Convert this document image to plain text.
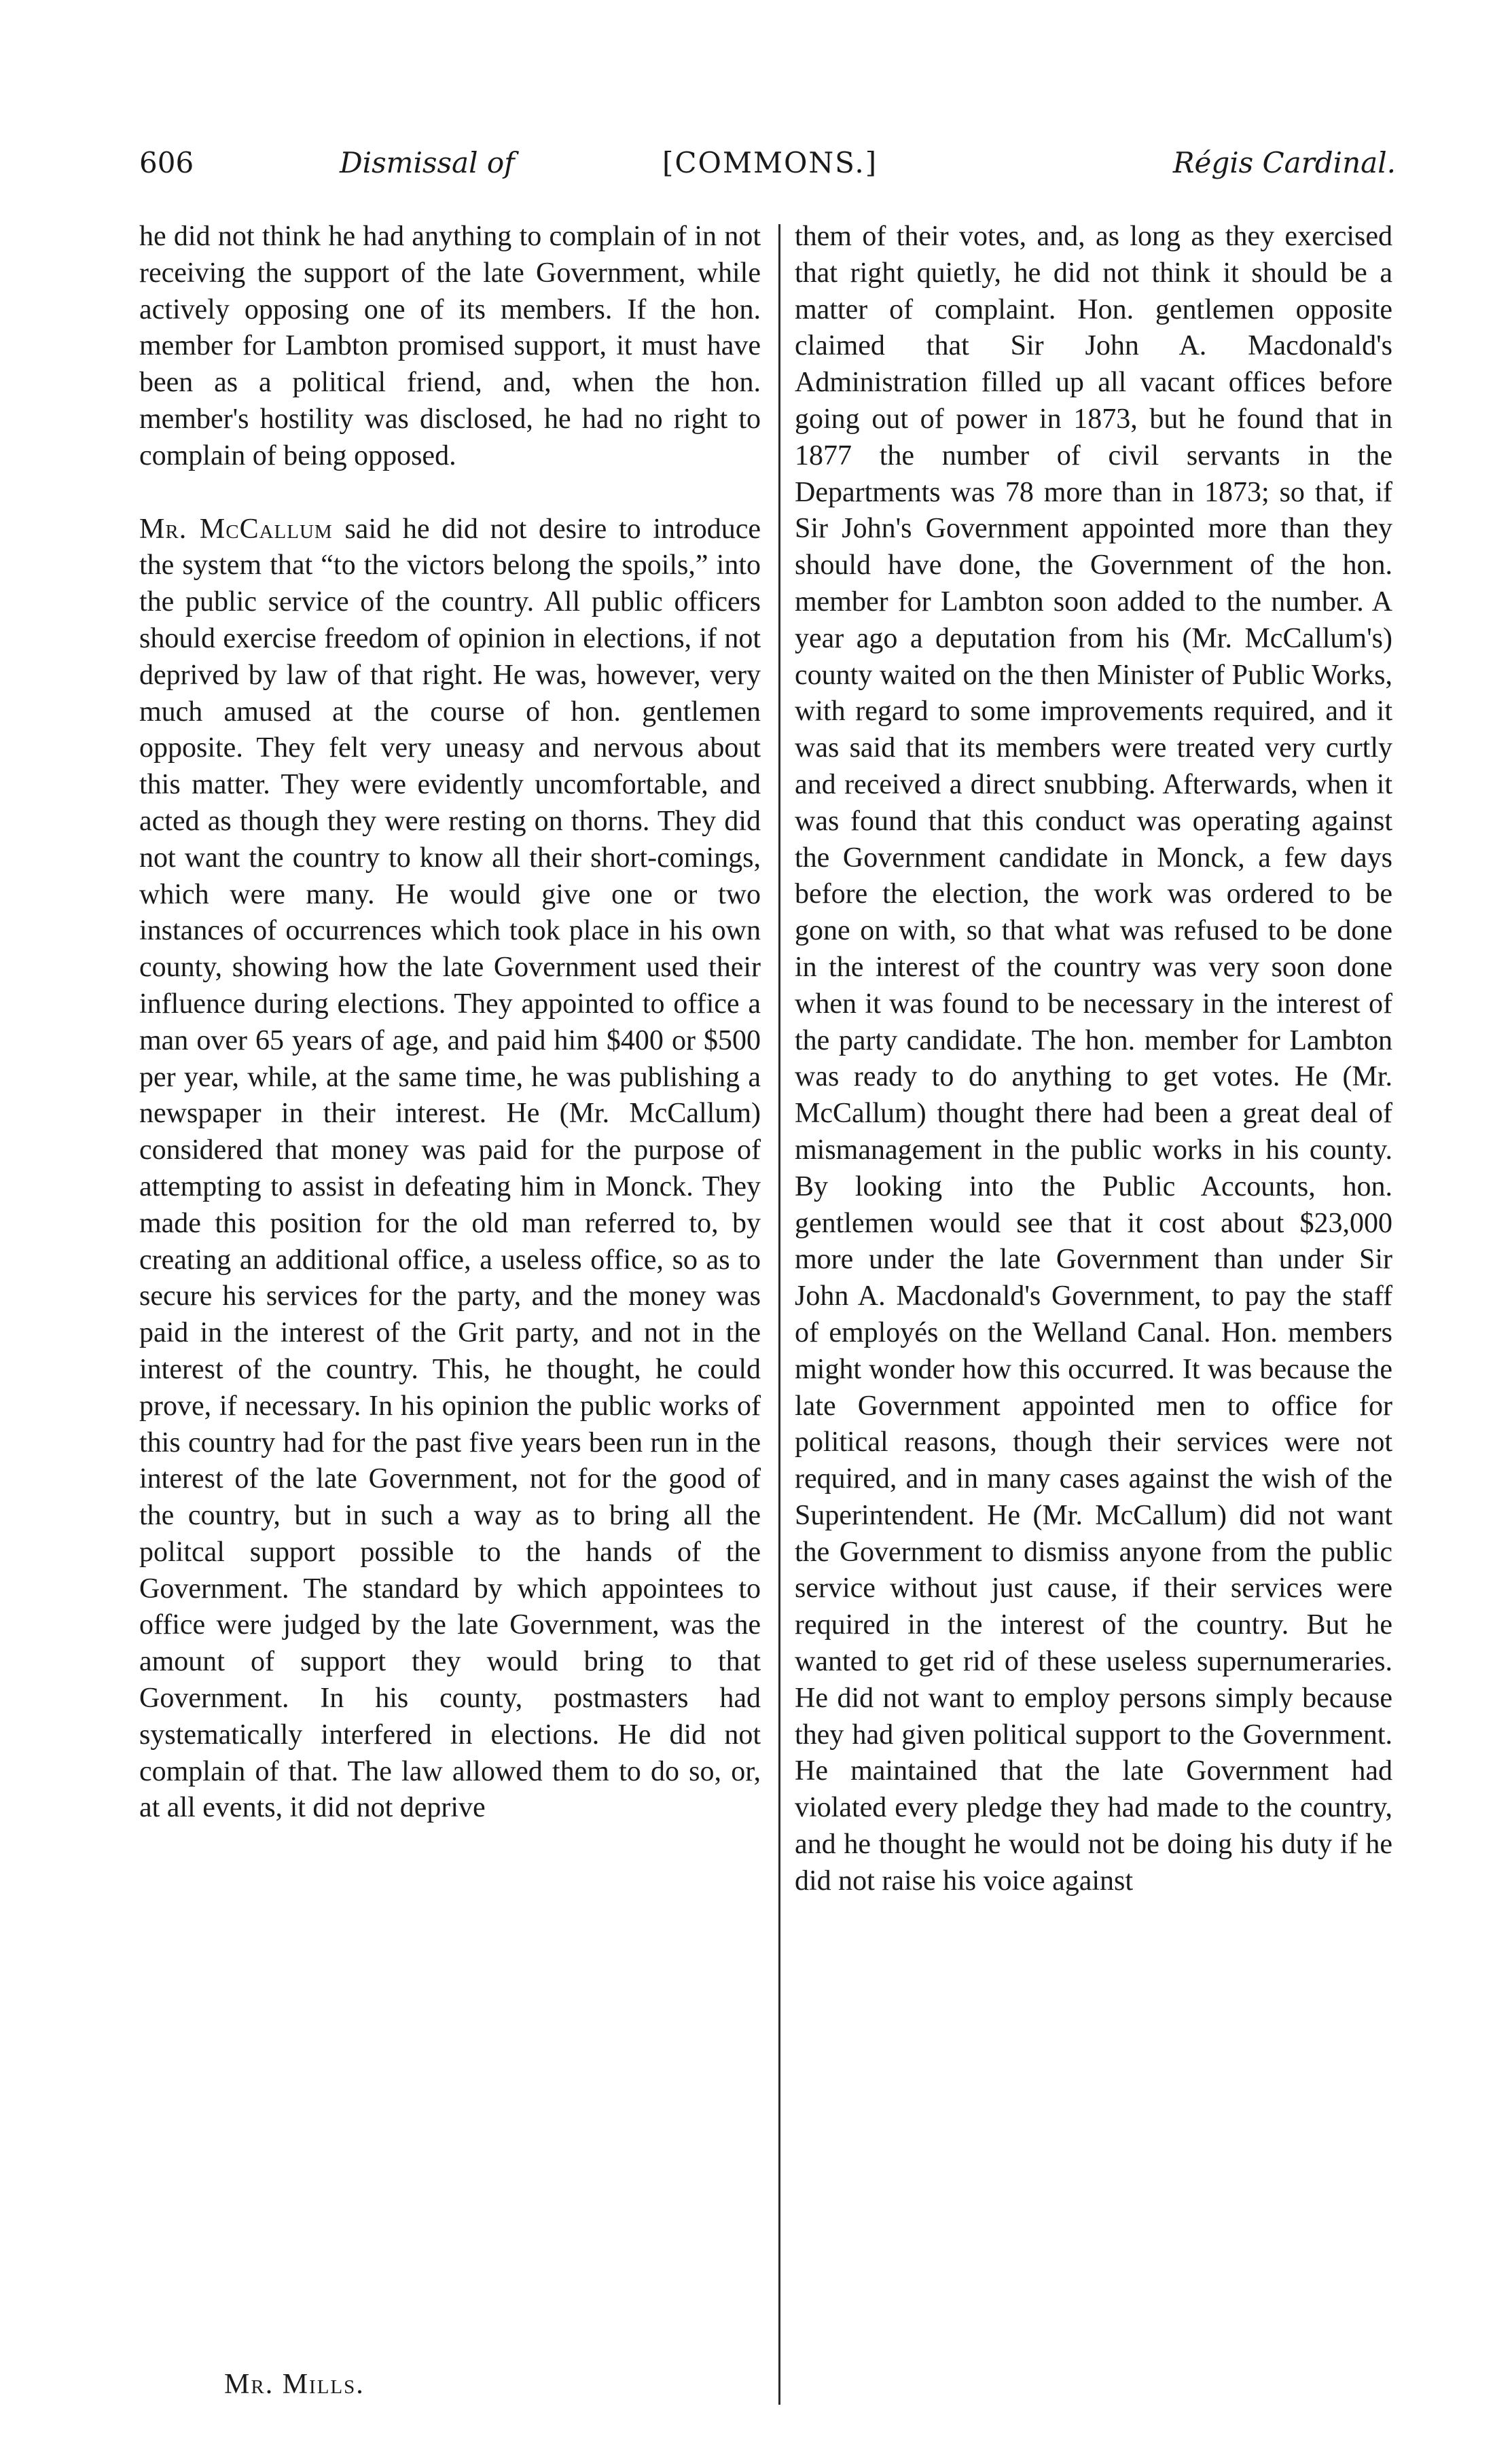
606	Dismissal of	[COMMONS.]	Régis Cardinal.

he did not think he had anything to complain of in not receiving the support of the late Government, while actively opposing one of its members. If the hon. member for Lambton promised support, it must have been as a political friend, and, when the hon. member's hostility was disclosed, he had no right to complain of being opposed.

Mr. McCallum said he did not desire to introduce the system that “to the victors belong the spoils,” into the public service of the country. All public officers should exercise freedom of opinion in elections, if not deprived by law of that right. He was, however, very much amused at the course of hon. gentlemen opposite. They felt very uneasy and nervous about this matter. They were evidently uncomfortable, and acted as though they were resting on thorns. They did not want the country to know all their short-comings, which were many. He would give one or two instances of occurrences which took place in his own county, showing how the late Government used their influence during elections. They appointed to office a man over 65 years of age, and paid him $400 or $500 per year, while, at the same time, he was publishing a newspaper in their interest. He (Mr. McCallum) considered that money was paid for the purpose of attempting to assist in defeating him in Monck. They made this position for the old man referred to, by creating an additional office, a useless office, so as to secure his services for the party, and the money was paid in the interest of the Grit party, and not in the interest of the country. This, he thought, he could prove, if necessary. In his opinion the public works of this country had for the past five years been run in the interest of the late Government, not for the good of the country, but in such a way as to bring all the politcal support possible to the hands of the Government. The standard by which appointees to office were judged by the late Government, was the amount of support they would bring to that Government. In his county, postmasters had systematically interfered in elections. He did not complain of that. The law allowed them to do so, or, at all events, it did not deprive

them of their votes, and, as long as they exercised that right quietly, he did not think it should be a matter of complaint. Hon. gentlemen opposite claimed that Sir John A. Macdonald's Administration filled up all vacant offices before going out of power in 1873, but he found that in 1877 the number of civil servants in the Departments was 78 more than in 1873; so that, if Sir John's Government appointed more than they should have done, the Government of the hon. member for Lambton soon added to the number. A year ago a deputation from his (Mr. McCallum's) county waited on the then Minister of Public Works, with regard to some improvements required, and it was said that its members were treated very curtly and received a direct snubbing. Afterwards, when it was found that this conduct was operating against the Government candidate in Monck, a few days before the election, the work was ordered to be gone on with, so that what was refused to be done in the interest of the country was very soon done when it was found to be necessary in the interest of the party candidate. The hon. member for Lambton was ready to do anything to get votes. He (Mr. McCallum) thought there had been a great deal of mismanagement in the public works in his county. By looking into the Public Accounts, hon. gentlemen would see that it cost about $23,000 more under the late Government than under Sir John A. Macdonald's Government, to pay the staff of employés on the Welland Canal. Hon. members might wonder how this occurred. It was because the late Government appointed men to office for political reasons, though their services were not required, and in many cases against the wish of the Superintendent. He (Mr. McCallum) did not want the Government to dismiss anyone from the public service without just cause, if their services were required in the interest of the country. But he wanted to get rid of these useless supernumeraries. He did not want to employ persons simply because they had given political support to the Government. He maintained that the late Government had violated every pledge they had made to the country, and he thought he would not be doing his duty if he did not raise his voice against

Mr. Mills.
